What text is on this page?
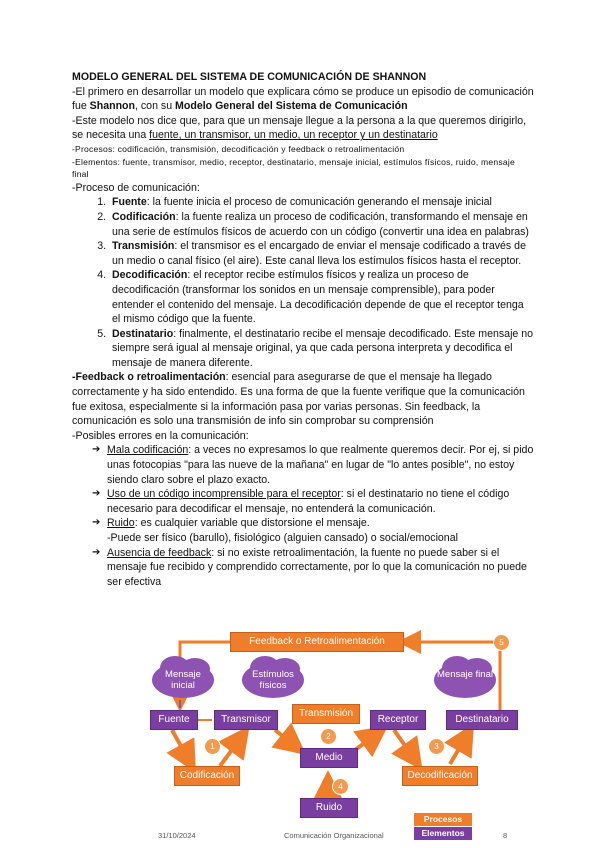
MODELO GENERAL DEL SISTEMA DE COMUNICACIÓN DE SHANNON

-El primero en desarrollar un modelo que explicara cómo se produce un episodio de comunicación fue Shannon, con su Modelo General del Sistema de Comunicación

-Este modelo nos dice que, para que un mensaje llegue a la persona a la que queremos dirigirlo, se necesita una fuente, un transmisor, un medio, un receptor y un destinatario

-Procesos: codificación, transmisión, decodificación y feedback o retroalimentación

-Elementos: fuente, transmisor, medio, receptor, destinatario, mensaje inicial, estímulos físicos, ruido, mensaje final

-Proceso de comunicación:

1. Fuente: la fuente inicia el proceso de comunicación generando el mensaje inicial
2. Codificación: la fuente realiza un proceso de codificación, transformando el mensaje en una serie de estímulos físicos de acuerdo con un código (convertir una idea en palabras)
3. Transmisión: el transmisor es el encargado de enviar el mensaje codificado a través de un medio o canal físico (el aire). Este canal lleva los estímulos físicos hasta el receptor.
4. Decodificación: el receptor recibe estímulos físicos y realiza un proceso de decodificación (transformar los sonidos en un mensaje comprensible), para poder entender el contenido del mensaje. La decodificación depende de que el receptor tenga el mismo código que la fuente.
5. Destinatario: finalmente, el destinatario recibe el mensaje decodificado. Este mensaje no siempre será igual al mensaje original, ya que cada persona interpreta y decodifica el mensaje de manera diferente.

-Feedback o retroalimentación: esencial para asegurarse de que el mensaje ha llegado correctamente y ha sido entendido. Es una forma de que la fuente verifique que la comunicación fue exitosa, especialmente si la información pasa por varias personas. Sin feedback, la comunicación es solo una transmisión de info sin comprobar su comprensión

-Posibles errores en la comunicación:

➔ Mala codificación: a veces no expresamos lo que realmente queremos decir. Por ej, si pido unas fotocopias "para las nueve de la mañana" en lugar de "lo antes posible", no estoy siendo claro sobre el plazo exacto.
➔ Uso de un código incomprensible para el receptor: si el destinatario no tiene el código necesario para decodificar el mensaje, no entenderá la comunicación.
➔ Ruido: es cualquier variable que distorsione el mensaje.
-Puede ser físico (barullo), fisiológico (alguien cansado) o social/emocional
➔ Ausencia de feedback: si no existe retroalimentación, la fuente no puede saber si el mensaje fue recibido y comprendido correctamente, por lo que la comunicación no puede ser efectiva
Feedback o Retroalimentación	5
Mensaje inicial
Estímulos físicos
Mensaje final
Fuente	Transmisor
Transmisión
Receptor	Destinatario
1
2
3
Medio
Codificación	Decodificación
4
Ruido
Procesos
Elementos
31/10/2024	Comunicación Organizacional	8
